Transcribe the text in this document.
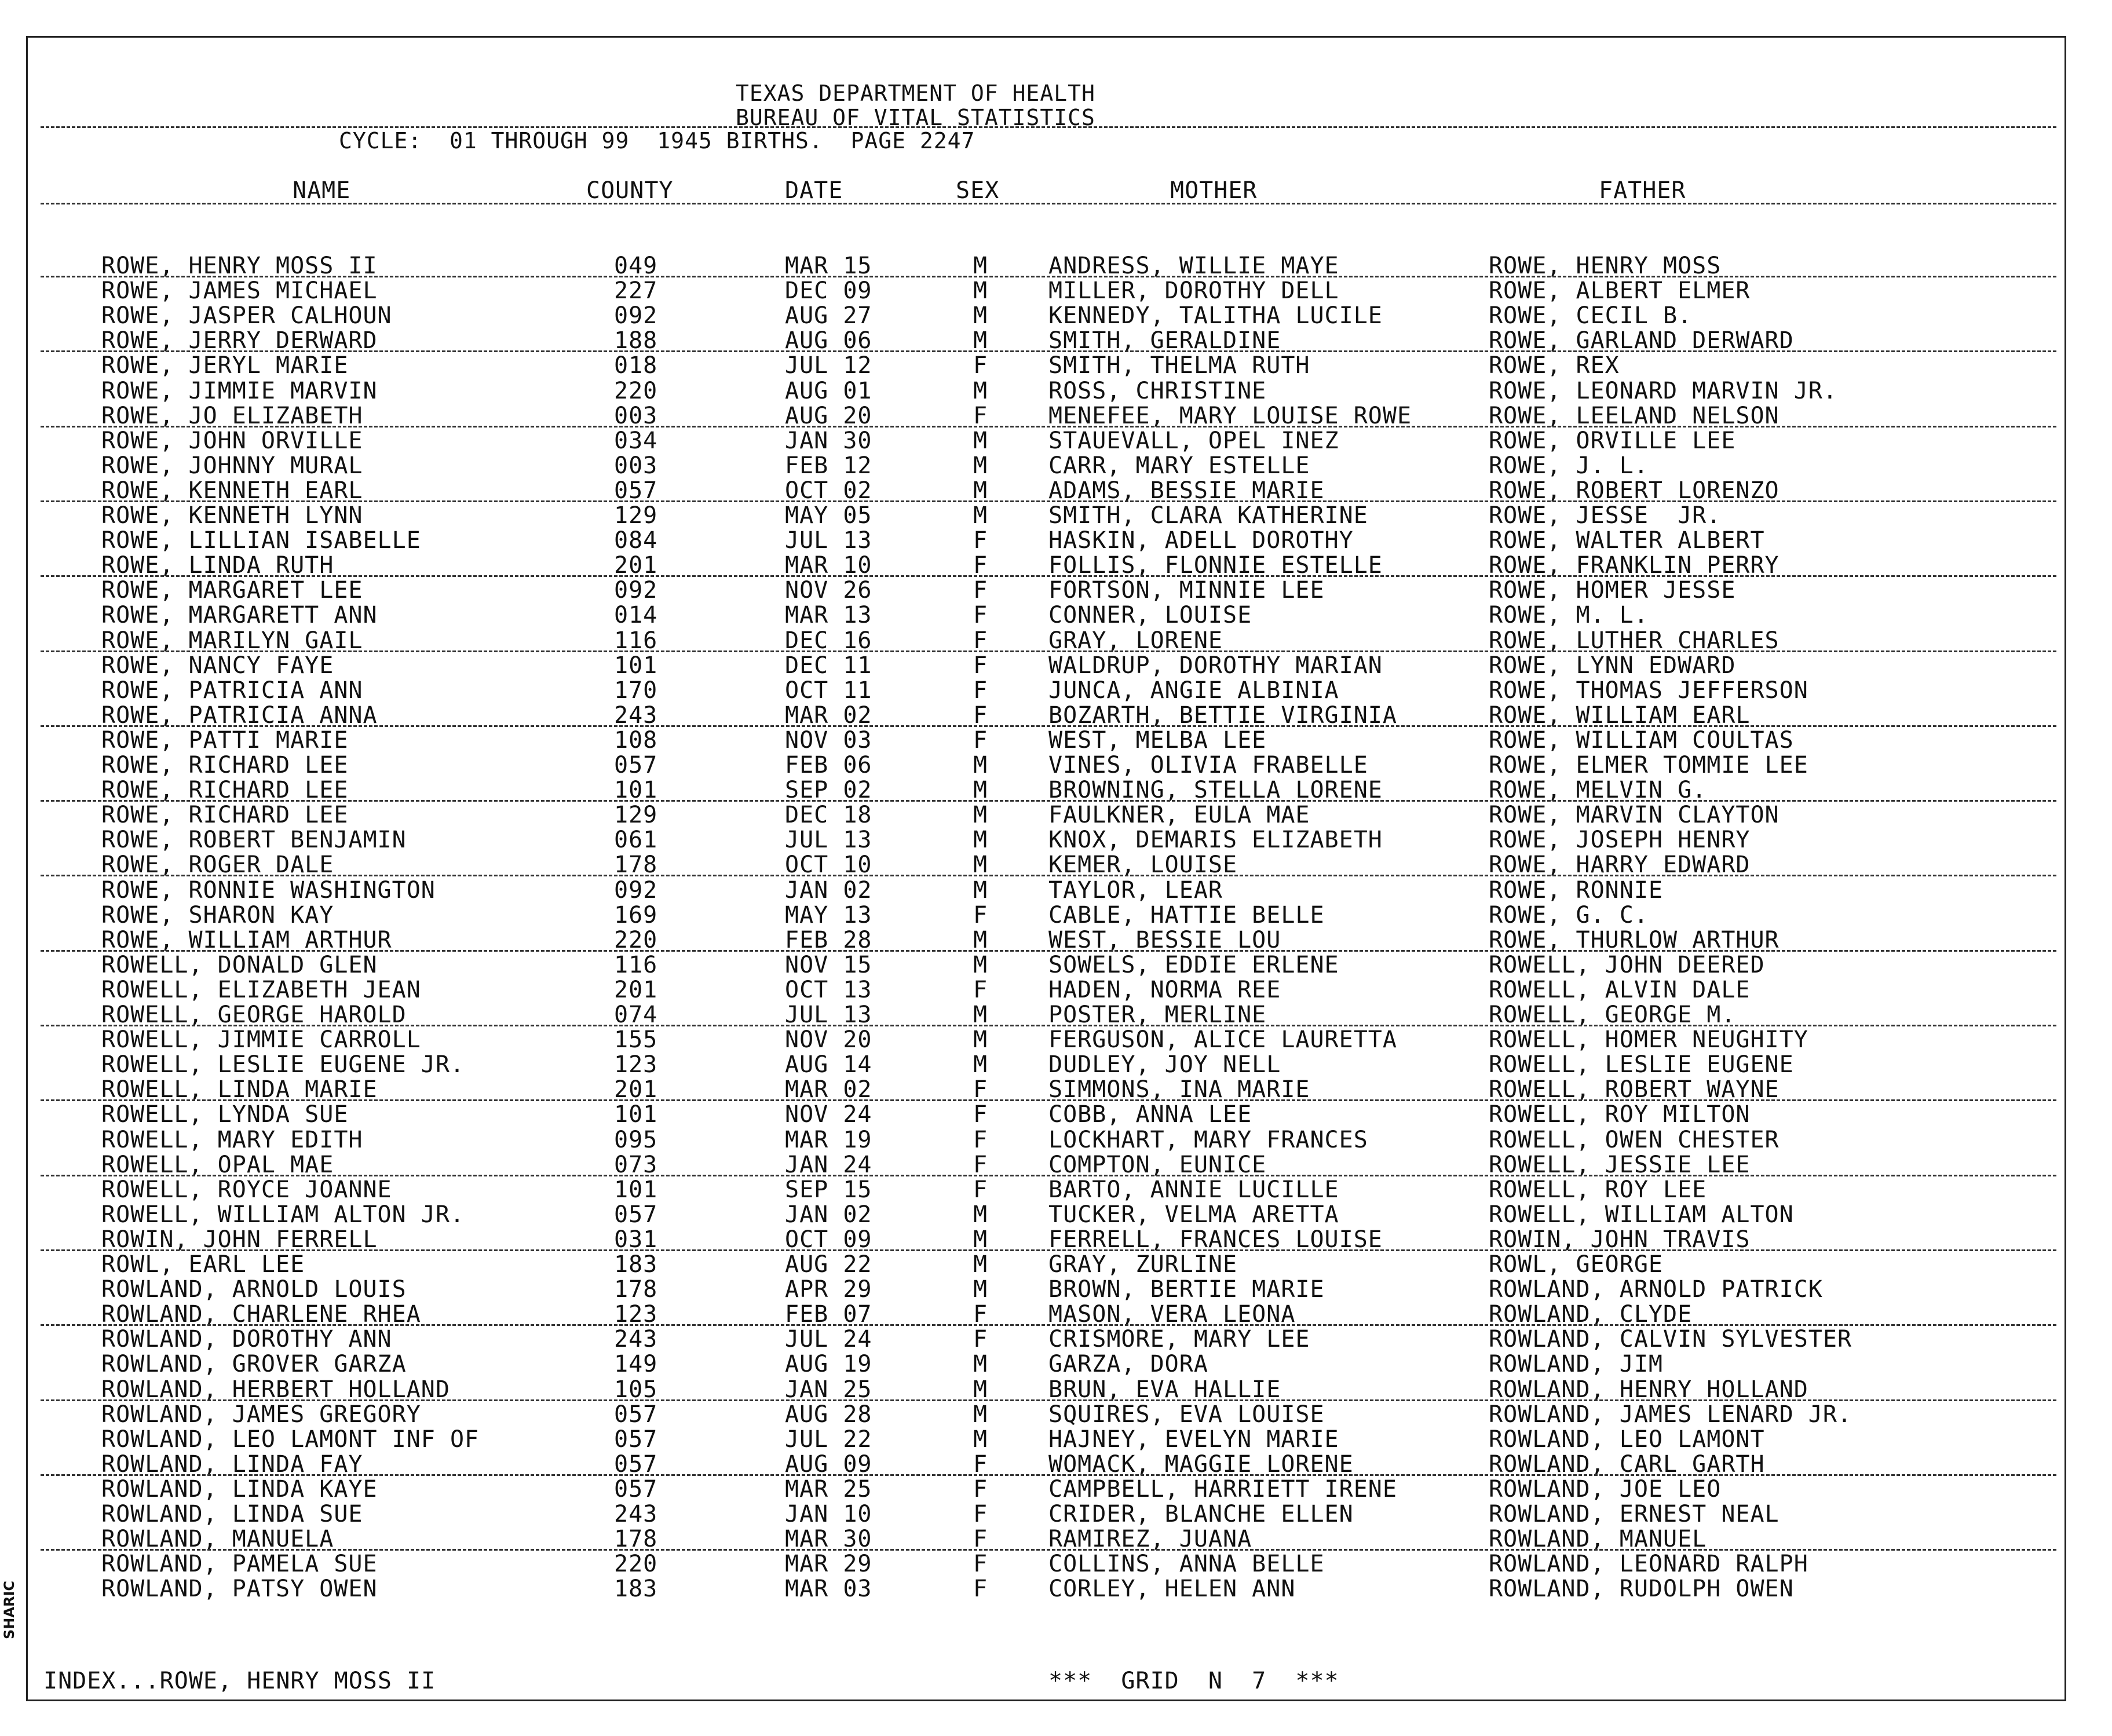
TEXAS DEPARTMENT OF HEALTH
BUREAU OF VITAL STATISTICS
CYCLE:  01 THROUGH 99  1945 BIRTHS.  PAGE 2247
NAME	COUNTY	DATE	SEX	MOTHER	FATHER
ROWE, HENRY MOSS II	049	MAR 15	M	ANDRESS, WILLIE MAYE	ROWE, HENRY MOSS
ROWE, JAMES MICHAEL	227	DEC 09	M	MILLER, DOROTHY DELL	ROWE, ALBERT ELMER
ROWE, JASPER CALHOUN	092	AUG 27	M	KENNEDY, TALITHA LUCILE	ROWE, CECIL B.
ROWE, JERRY DERWARD	188	AUG 06	M	SMITH, GERALDINE	ROWE, GARLAND DERWARD
ROWE, JERYL MARIE	018	JUL 12	F	SMITH, THELMA RUTH	ROWE, REX
ROWE, JIMMIE MARVIN	220	AUG 01	M	ROSS, CHRISTINE	ROWE, LEONARD MARVIN JR.
ROWE, JO ELIZABETH	003	AUG 20	F	MENEFEE, MARY LOUISE ROWE	ROWE, LEELAND NELSON
ROWE, JOHN ORVILLE	034	JAN 30	M	STAUEVALL, OPEL INEZ	ROWE, ORVILLE LEE
ROWE, JOHNNY MURAL	003	FEB 12	M	CARR, MARY ESTELLE	ROWE, J. L.
ROWE, KENNETH EARL	057	OCT 02	M	ADAMS, BESSIE MARIE	ROWE, ROBERT LORENZO
ROWE, KENNETH LYNN	129	MAY 05	M	SMITH, CLARA KATHERINE	ROWE, JESSE  JR.
ROWE, LILLIAN ISABELLE	084	JUL 13	F	HASKIN, ADELL DOROTHY	ROWE, WALTER ALBERT
ROWE, LINDA RUTH	201	MAR 10	F	FOLLIS, FLONNIE ESTELLE	ROWE, FRANKLIN PERRY
ROWE, MARGARET LEE	092	NOV 26	F	FORTSON, MINNIE LEE	ROWE, HOMER JESSE
ROWE, MARGARETT ANN	014	MAR 13	F	CONNER, LOUISE	ROWE, M. L.
ROWE, MARILYN GAIL	116	DEC 16	F	GRAY, LORENE	ROWE, LUTHER CHARLES
ROWE, NANCY FAYE	101	DEC 11	F	WALDRUP, DOROTHY MARIAN	ROWE, LYNN EDWARD
ROWE, PATRICIA ANN	170	OCT 11	F	JUNCA, ANGIE ALBINIA	ROWE, THOMAS JEFFERSON
ROWE, PATRICIA ANNA	243	MAR 02	F	BOZARTH, BETTIE VIRGINIA	ROWE, WILLIAM EARL
ROWE, PATTI MARIE	108	NOV 03	F	WEST, MELBA LEE	ROWE, WILLIAM COULTAS
ROWE, RICHARD LEE	057	FEB 06	M	VINES, OLIVIA FRABELLE	ROWE, ELMER TOMMIE LEE
ROWE, RICHARD LEE	101	SEP 02	M	BROWNING, STELLA LORENE	ROWE, MELVIN G.
ROWE, RICHARD LEE	129	DEC 18	M	FAULKNER, EULA MAE	ROWE, MARVIN CLAYTON
ROWE, ROBERT BENJAMIN	061	JUL 13	M	KNOX, DEMARIS ELIZABETH	ROWE, JOSEPH HENRY
ROWE, ROGER DALE	178	OCT 10	M	KEMER, LOUISE	ROWE, HARRY EDWARD
ROWE, RONNIE WASHINGTON	092	JAN 02	M	TAYLOR, LEAR	ROWE, RONNIE
ROWE, SHARON KAY	169	MAY 13	F	CABLE, HATTIE BELLE	ROWE, G. C.
ROWE, WILLIAM ARTHUR	220	FEB 28	M	WEST, BESSIE LOU	ROWE, THURLOW ARTHUR
ROWELL, DONALD GLEN	116	NOV 15	M	SOWELS, EDDIE ERLENE	ROWELL, JOHN DEERED
ROWELL, ELIZABETH JEAN	201	OCT 13	F	HADEN, NORMA REE	ROWELL, ALVIN DALE
ROWELL, GEORGE HAROLD	074	JUL 13	M	POSTER, MERLINE	ROWELL, GEORGE M.
ROWELL, JIMMIE CARROLL	155	NOV 20	M	FERGUSON, ALICE LAURETTA	ROWELL, HOMER NEUGHITY
ROWELL, LESLIE EUGENE JR.	123	AUG 14	M	DUDLEY, JOY NELL	ROWELL, LESLIE EUGENE
ROWELL, LINDA MARIE	201	MAR 02	F	SIMMONS, INA MARIE	ROWELL, ROBERT WAYNE
ROWELL, LYNDA SUE	101	NOV 24	F	COBB, ANNA LEE	ROWELL, ROY MILTON
ROWELL, MARY EDITH	095	MAR 19	F	LOCKHART, MARY FRANCES	ROWELL, OWEN CHESTER
ROWELL, OPAL MAE	073	JAN 24	F	COMPTON, EUNICE	ROWELL, JESSIE LEE
ROWELL, ROYCE JOANNE	101	SEP 15	F	BARTO, ANNIE LUCILLE	ROWELL, ROY LEE
ROWELL, WILLIAM ALTON JR.	057	JAN 02	M	TUCKER, VELMA ARETTA	ROWELL, WILLIAM ALTON
ROWIN, JOHN FERRELL	031	OCT 09	M	FERRELL, FRANCES LOUISE	ROWIN, JOHN TRAVIS
ROWL, EARL LEE	183	AUG 22	M	GRAY, ZURLINE	ROWL, GEORGE
ROWLAND, ARNOLD LOUIS	178	APR 29	M	BROWN, BERTIE MARIE	ROWLAND, ARNOLD PATRICK
ROWLAND, CHARLENE RHEA	123	FEB 07	F	MASON, VERA LEONA	ROWLAND, CLYDE
ROWLAND, DOROTHY ANN	243	JUL 24	F	CRISMORE, MARY LEE	ROWLAND, CALVIN SYLVESTER
ROWLAND, GROVER GARZA	149	AUG 19	M	GARZA, DORA	ROWLAND, JIM
ROWLAND, HERBERT HOLLAND	105	JAN 25	M	BRUN, EVA HALLIE	ROWLAND, HENRY HOLLAND
ROWLAND, JAMES GREGORY	057	AUG 28	M	SQUIRES, EVA LOUISE	ROWLAND, JAMES LENARD JR.
ROWLAND, LEO LAMONT INF OF	057	JUL 22	M	HAJNEY, EVELYN MARIE	ROWLAND, LEO LAMONT
ROWLAND, LINDA FAY	057	AUG 09	F	WOMACK, MAGGIE LORENE	ROWLAND, CARL GARTH
ROWLAND, LINDA KAYE	057	MAR 25	F	CAMPBELL, HARRIETT IRENE	ROWLAND, JOE LEO
ROWLAND, LINDA SUE	243	JAN 10	F	CRIDER, BLANCHE ELLEN	ROWLAND, ERNEST NEAL
ROWLAND, MANUELA	178	MAR 30	F	RAMIREZ, JUANA	ROWLAND, MANUEL
ROWLAND, PAMELA SUE	220	MAR 29	F	COLLINS, ANNA BELLE	ROWLAND, LEONARD RALPH
ROWLAND, PATSY OWEN	183	MAR 03	F	CORLEY, HELEN ANN	ROWLAND, RUDOLPH OWEN
INDEX...ROWE, HENRY MOSS II	***  GRID  N  7  ***
SHARIC
